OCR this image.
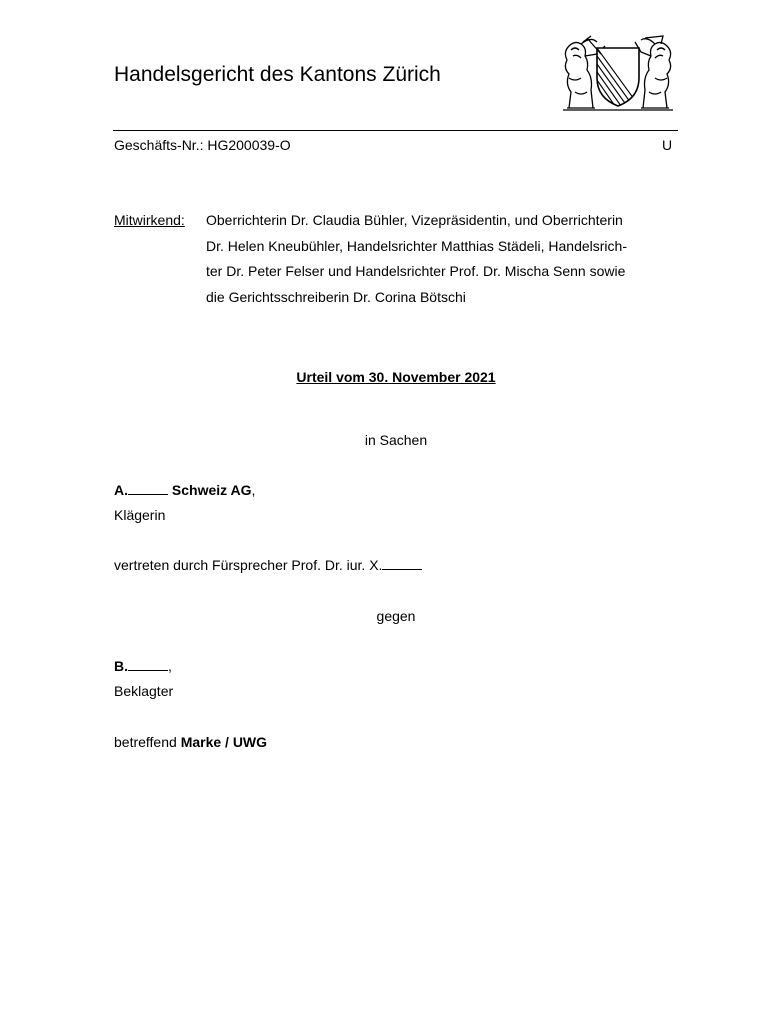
Handelsgericht des Kantons Zürich
Geschäfts-Nr.: HG200039-O	U
Mitwirkend: Oberrichterin Dr. Claudia Bühler, Vizepräsidentin, und Oberrichterin
Dr. Helen Kneubühler, Handelsrichter Matthias Städeli, Handelsrich-
ter Dr. Peter Felser und Handelsrichter Prof. Dr. Mischa Senn sowie
die Gerichtsschreiberin Dr. Corina Bötschi
Urteil vom 30. November 2021
in Sachen
A.	Schweiz AG,
Klägerin
vertreten durch Fürsprecher Prof. Dr. iur. X.
gegen
B.	,
Beklagter
betreffend Marke / UWG
